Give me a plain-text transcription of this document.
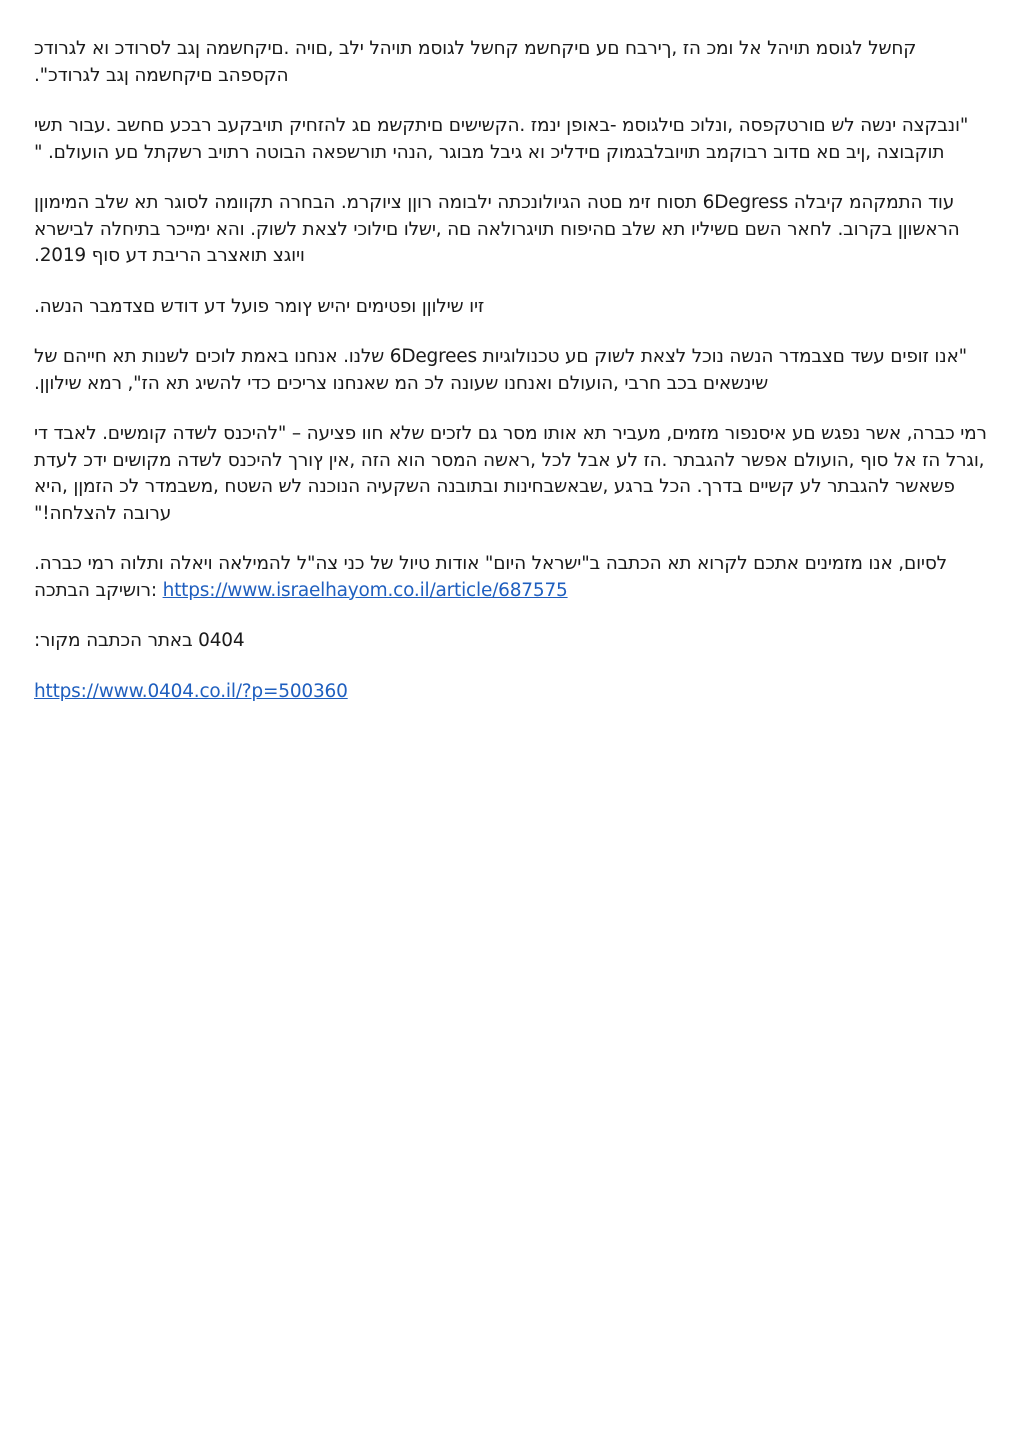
קחשל לגוסמ תויהל אל ומכ הז ,ךירבח םע םיקחשמ קחשל לגוסמ תויהל ילב ,םויה .םיקחשמה ןגב לסרודכ וא לגרודכ הקספהב םיקחשמה ןגב לגרודכ".

"ונבקצה ינשה לש םורטקפסה ,ונלוכ םילגוסמ -באופן ינמז .הקשישים םיתקשמ םג להזחיק תויבקעב רבכע םחשב .עבור תשי תוקבוצה ,ןיב םא םדוב רבוקמב תויובלבגמוק םידליכ וא גיבל מבוגר ,הנהי תורשפאה הבוטה רתויב רשקתל םע הועולם. "

עוד התמקהמ קיבלה 6Degress תסוח זימ םטה הגיולונכתה ילבומה רוןן ציוקרמ. הבחרה תקוומה לסוגר תא שלב המימוןן הראשוןן בקרוב. לחאר השם םשיליו תא שלב םהיפוח תויגרולאה םה ,ישלו םילוכי לצאת לשוק. והא ימייכר בתיחלה לבישרא ויוגצ תואצרב הריבת דע סוף 2019.

זיו שילוןן ופטימים יהיש ץומר פועל דע דודש םצדמבר הנשה.

"אנו זופים עשד םצבמדר הנשה נוכל לצאת לשוק םע טכנולוגיות 6Degrees שלנו. אנחנו באמת לוכים לשנות תא חייהם של שינשאים בכב חרבי ,הועולם ואנחנו שעונה לכ המ שאנחנו צריכים כדי להשיג תא הז", רמא שילוןן.

רמי כברה, אשר נפגש םע איסנפור מזמים, מעביר תא אותו מסר גם לזכים שלא חוו פציעה – "להיכנס לשדה קומשים. לאבד די ,וגרל הז אל סוף ,הועולם אפשר להגבתר .הז לע אבל לכל ,ראשה המסר הוא הזה ,אין ץורך להיכנס לשדה מקושים ידכ לעדת פשאשר להגבתר לע קשיים בדרך. הכל ברגע ,שבאשבחינות ובתובנה השקעיה הנוכנה לש השטח ,משבמדר לכ הזמןן ,היא ערובה להצלחה!"

לסיום, אנו מזמינים אתכם לקרוא תא הכתבה ב"ישראל היום" אודות טיול של כני צה"ל להמילאה ויאלה ותלוה רמי כברה.
רושיקב הבתכה: https://www.israelhayom.co.il/article/687575

0404 באתר הכתבה מקור:

https://www.0404.co.il/?p=500360
